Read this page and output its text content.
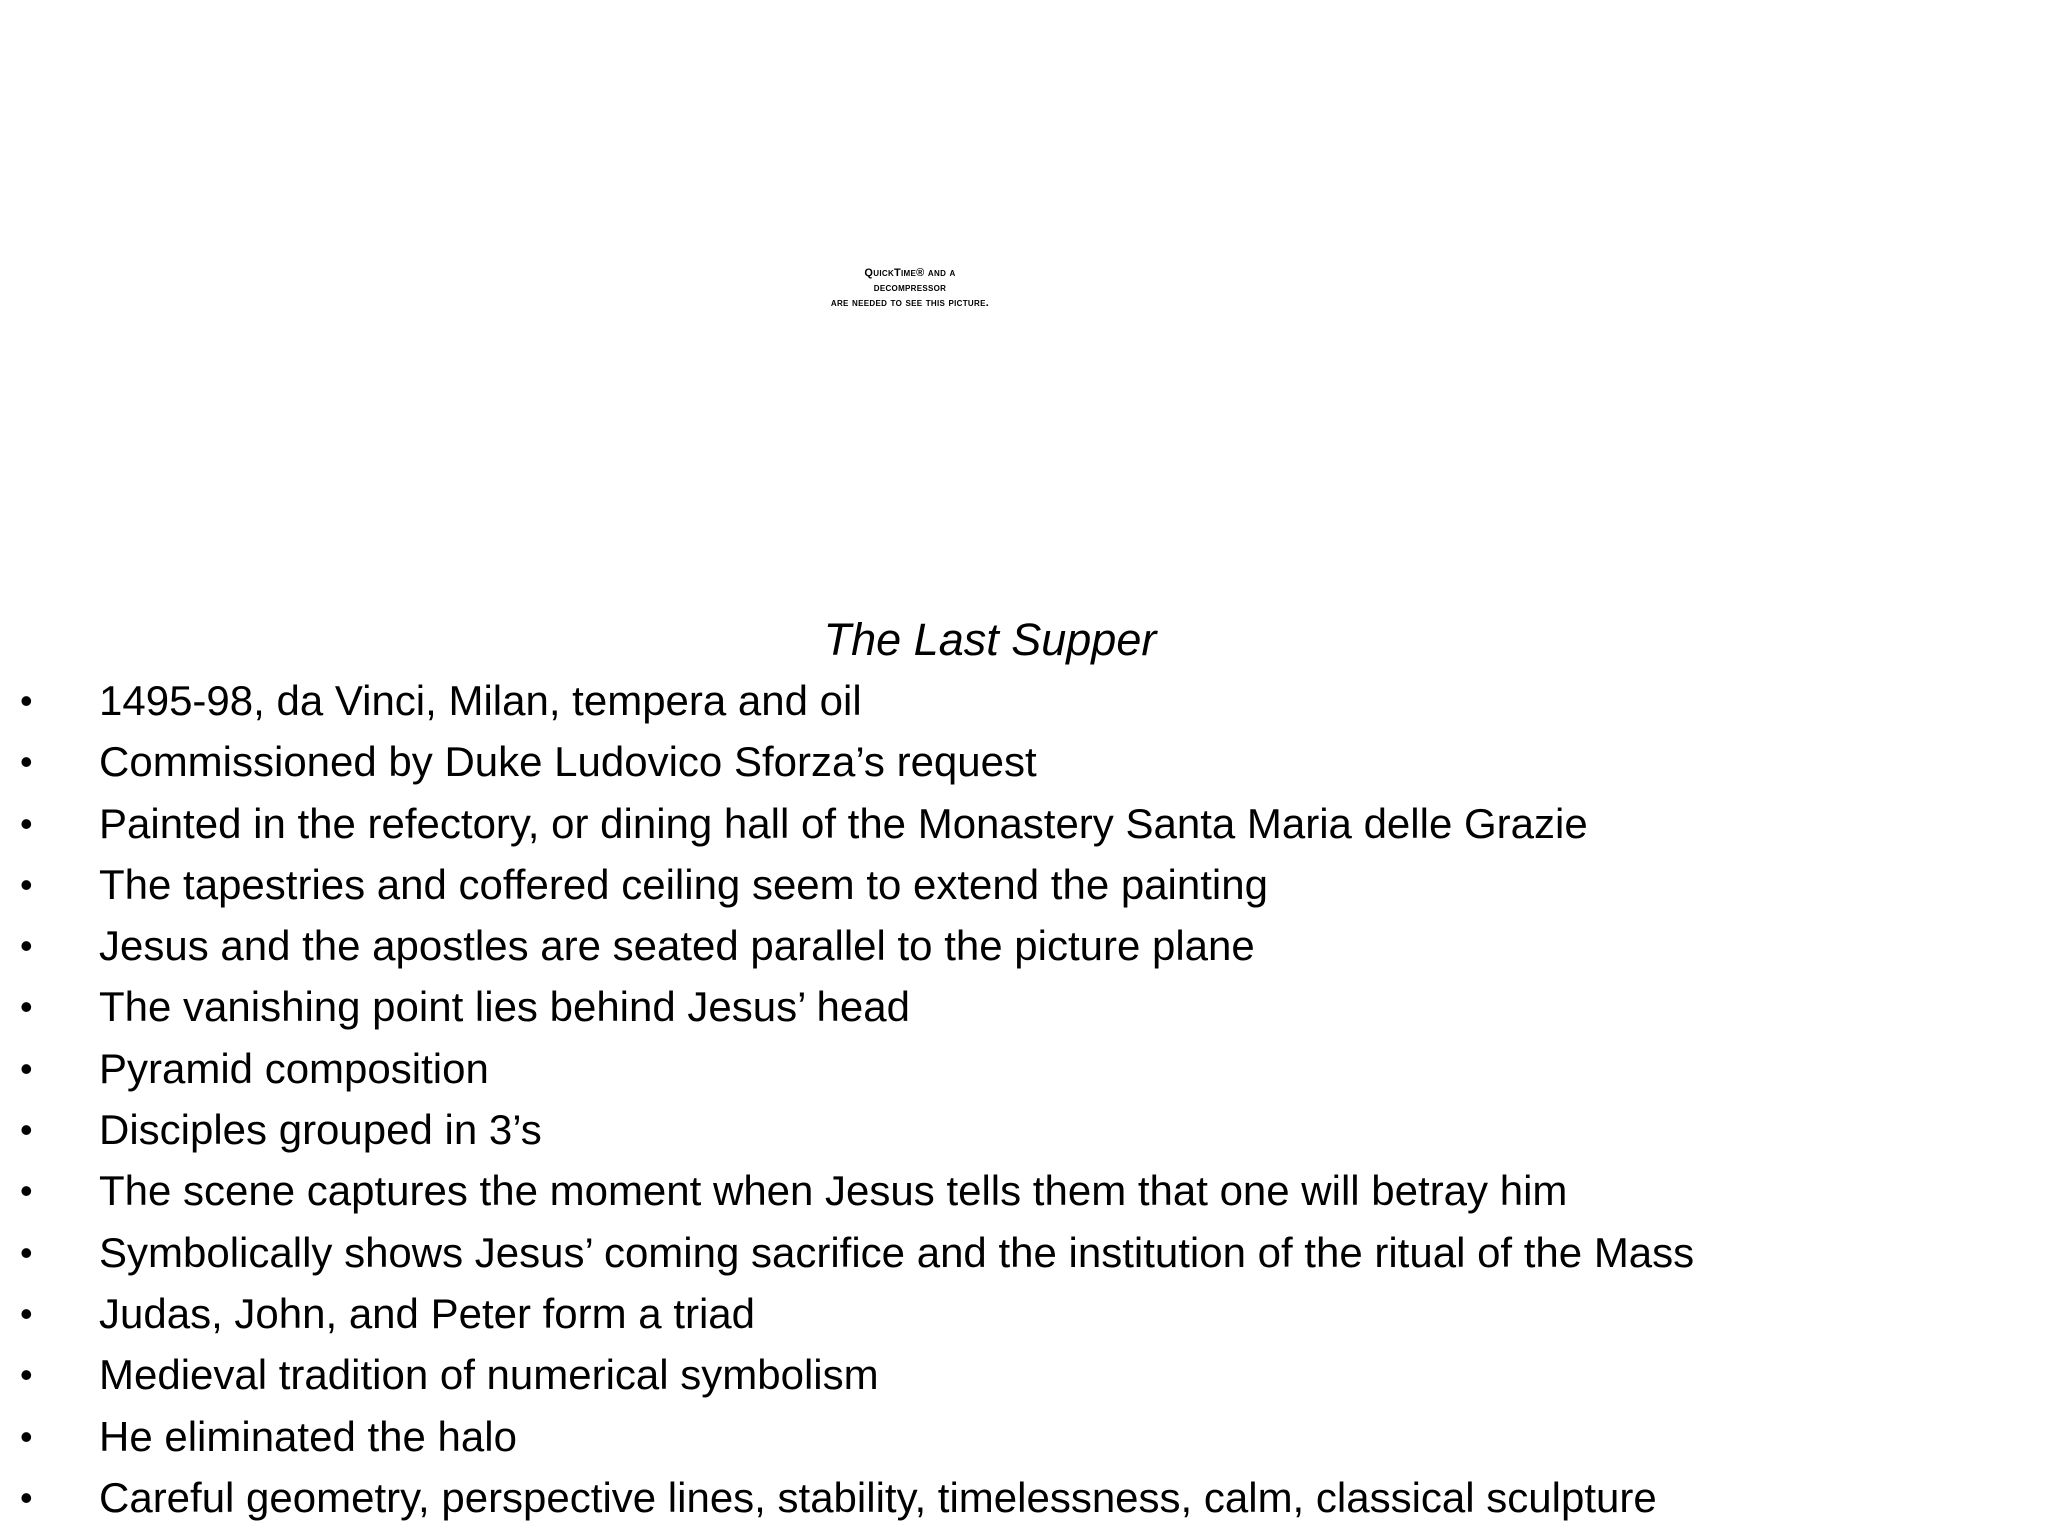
QuickTime® and a
decompressor
are needed to see this picture.
The Last Supper
• 1495-98, da Vinci, Milan, tempera and oil
• Commissioned by Duke Ludovico Sforza’s request
• Painted in the refectory, or dining hall of the Monastery Santa Maria delle Grazie
• The tapestries and coffered ceiling seem to extend the painting
• Jesus and the apostles are seated parallel to the picture plane
• The vanishing point lies behind Jesus’ head
• Pyramid composition
• Disciples grouped in 3’s
• The scene captures the moment when Jesus tells them that one will betray him
• Symbolically shows Jesus’ coming sacrifice and the institution of the ritual of the Mass
• Judas, John, and Peter form a triad
• Medieval tradition of numerical symbolism
• He eliminated the halo
• Careful geometry, perspective lines, stability, timelessness, calm, classical sculpture
